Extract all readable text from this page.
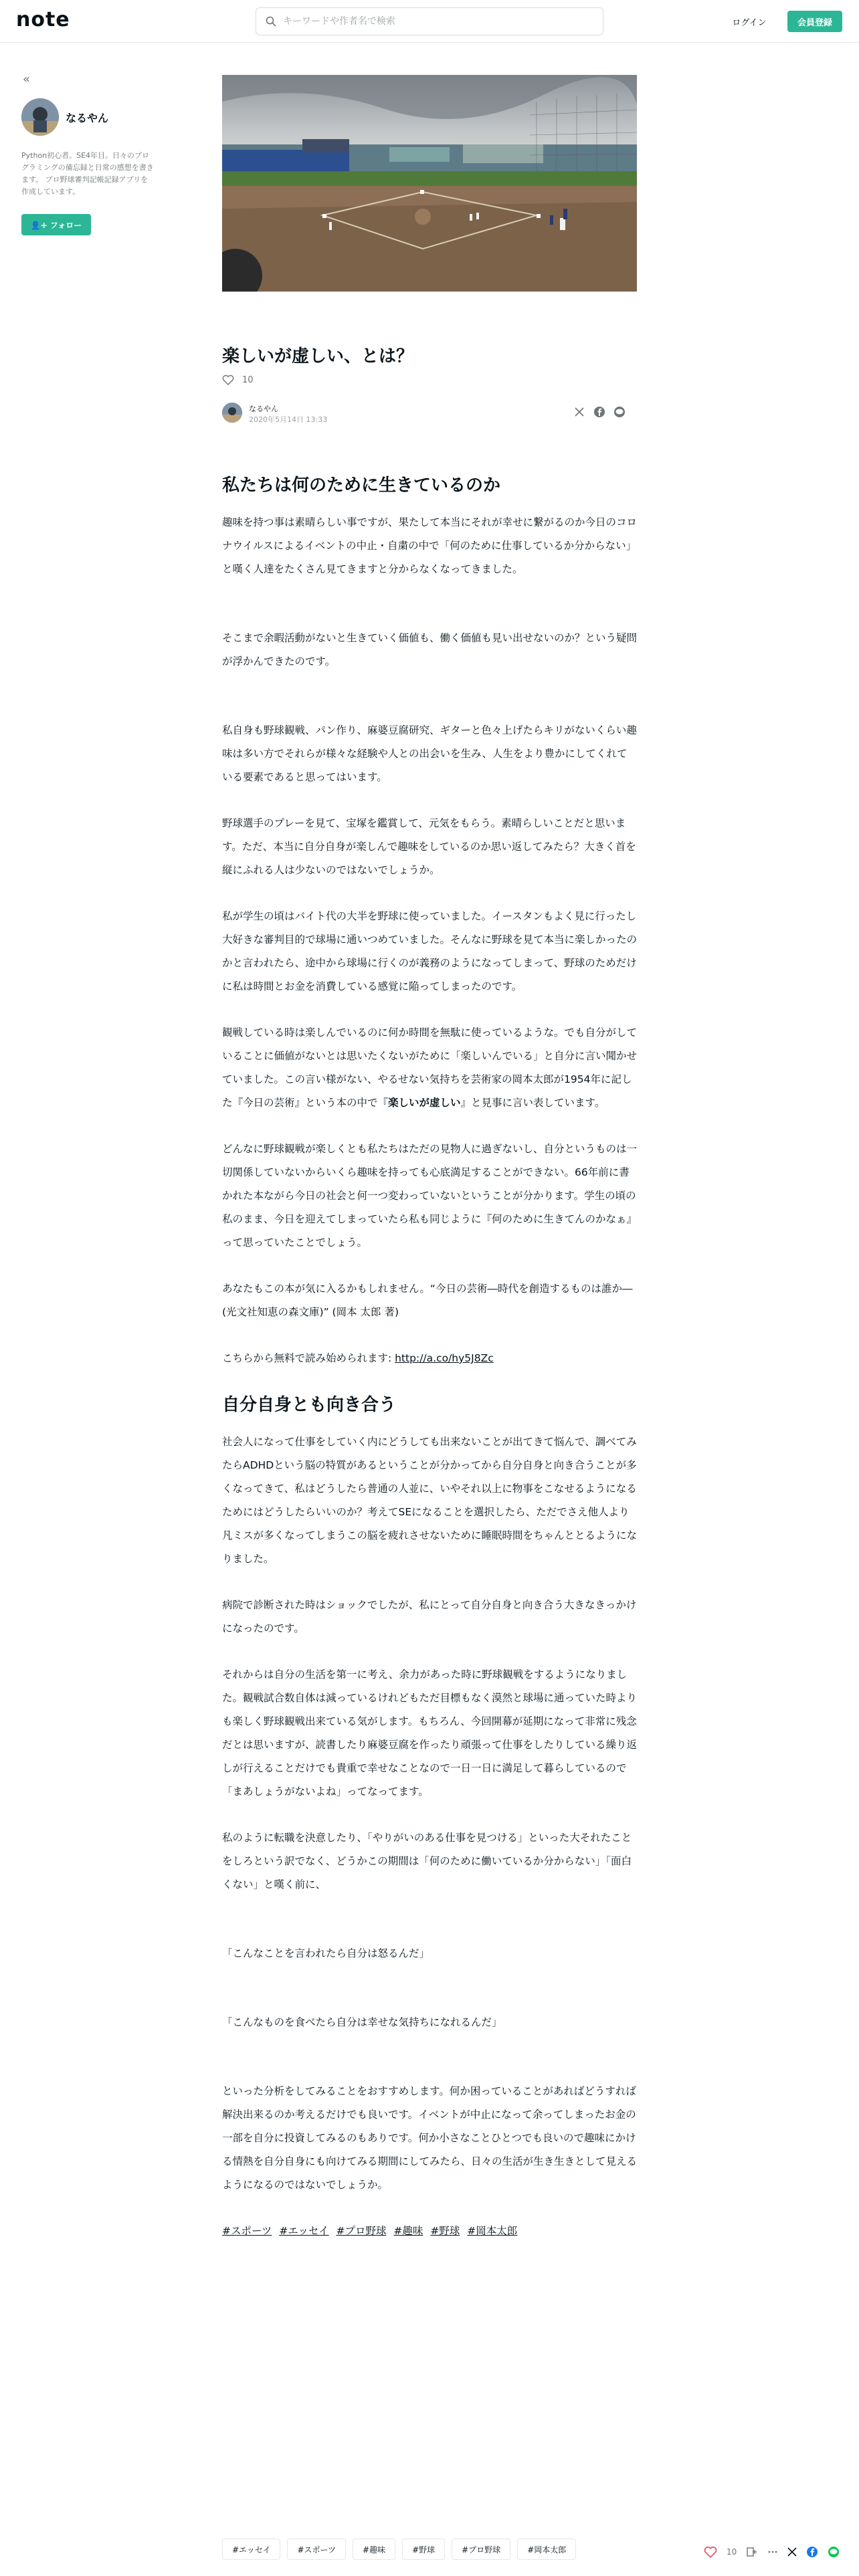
note
キーワードや作者名で検索	ログイン	会員登録
«
なるやん
Python初心者。SE4年目。日々のプログラミングの備忘録と日常の感想を書きます。 プロ野球審判記帳記録アプリを作成しています。
👤+ フォロー
楽しいが虚しい、とは？
10
なるやん
2020年5月14日 13:33
私たちは何のために生きているのか

趣味を持つ事は素晴らしい事ですが、果たして本当にそれが幸せに繋がるのか今日のコロナウイルスによるイベントの中止・自粛の中で「何のために仕事しているか分からない」と嘆く人達をたくさん見てきますと分からなくなってきました。

そこまで余暇活動がないと生きていく価値も、働く価値も見い出せないのか？という疑問が浮かんできたのです。

私自身も野球観戦、パン作り、麻婆豆腐研究、ギターと色々上げたらキリがないくらい趣味は多い方でそれらが様々な経験や人との出会いを生み、人生をより豊かにしてくれている要素であると思ってはいます。

野球選手のプレーを見て、宝塚を鑑賞して、元気をもらう。素晴らしいことだと思います。ただ、本当に自分自身が楽しんで趣味をしているのか思い返してみたら？大きく首を縦にふれる人は少ないのではないでしょうか。

私が学生の頃はバイト代の大半を野球に使っていました。イースタンもよく見に行ったし大好きな審判目的で球場に通いつめていました。そんなに野球を見て本当に楽しかったのかと言われたら、途中から球場に行くのが義務のようになってしまって、野球のためだけに私は時間とお金を消費している感覚に陥ってしまったのです。

観戦している時は楽しんでいるのに何か時間を無駄に使っているような。でも自分がしていることに価値がないとは思いたくないがために「楽しいんでいる」と自分に言い聞かせていました。この言い様がない、やるせない気持ちを芸術家の岡本太郎が1954年に記した『今日の芸術』という本の中で『楽しいが虚しい』と見事に言い表しています。

どんなに野球観戦が楽しくとも私たちはただの見物人に過ぎないし、自分というものは一切関係していないからいくら趣味を持っても心底満足することができない。66年前に書かれた本ながら今日の社会と何一つ変わっていないということが分かります。学生の頃の私のまま、今日を迎えてしまっていたら私も同じように『何のために生きてんのかなぁ』って思っていたことでしょう。

あなたもこの本が気に入るかもしれません。“今日の芸術―時代を創造するものは誰か― (光文社知恵の森文庫)” (岡本 太郎 著)

こちらから無料で読み始められます: http://a.co/hy5J8Zc

自分自身とも向き合う

社会人になって仕事をしていく内にどうしても出来ないことが出てきて悩んで、調べてみたらADHDという脳の特質があるということが分かってから自分自身と向き合うことが多くなってきて、私はどうしたら普通の人並に、いやそれ以上に物事をこなせるようになるためにはどうしたらいいのか？考えてSEになることを選択したら、ただでさえ他人より凡ミスが多くなってしまうこの脳を疲れさせないために睡眠時間をちゃんととるようになりました。

病院で診断された時はショックでしたが、私にとって自分自身と向き合う大きなきっかけになったのです。

それからは自分の生活を第一に考え、余力があった時に野球観戦をするようになりました。観戦試合数自体は減っているけれどもただ目標もなく漠然と球場に通っていた時よりも楽しく野球観戦出来ている気がします。もちろん、今回開幕が延期になって非常に残念だとは思いますが、読書したり麻婆豆腐を作ったり頑張って仕事をしたりしている繰り返しが行えることだけでも貴重で幸せなことなので一日一日に満足して暮らしているので「まあしょうがないよね」ってなってます。

私のように転職を決意したり、「やりがいのある仕事を見つける」といった大それたことをしろという訳でなく、どうかこの期間は「何のために働いているか分からない」「面白くない」と嘆く前に、

「こんなことを言われたら自分は怒るんだ」

「こんなものを食べたら自分は幸せな気持ちになれるんだ」

といった分析をしてみることをおすすめします。何か困っていることがあればどうすれば解決出来るのか考えるだけでも良いです。イベントが中止になって余ってしまったお金の一部を自分に投資してみるのもありです。何か小さなことひとつでも良いので趣味にかける情熱を自分自身にも向けてみる期間にしてみたら、日々の生活が生き生きとして見えるようになるのではないでしょうか。

#スポーツ #エッセイ #プロ野球 #趣味 #野球 #岡本太郎
#エッセイ	#スポーツ	#趣味	#野球	#プロ野球	#岡本太郎	10
